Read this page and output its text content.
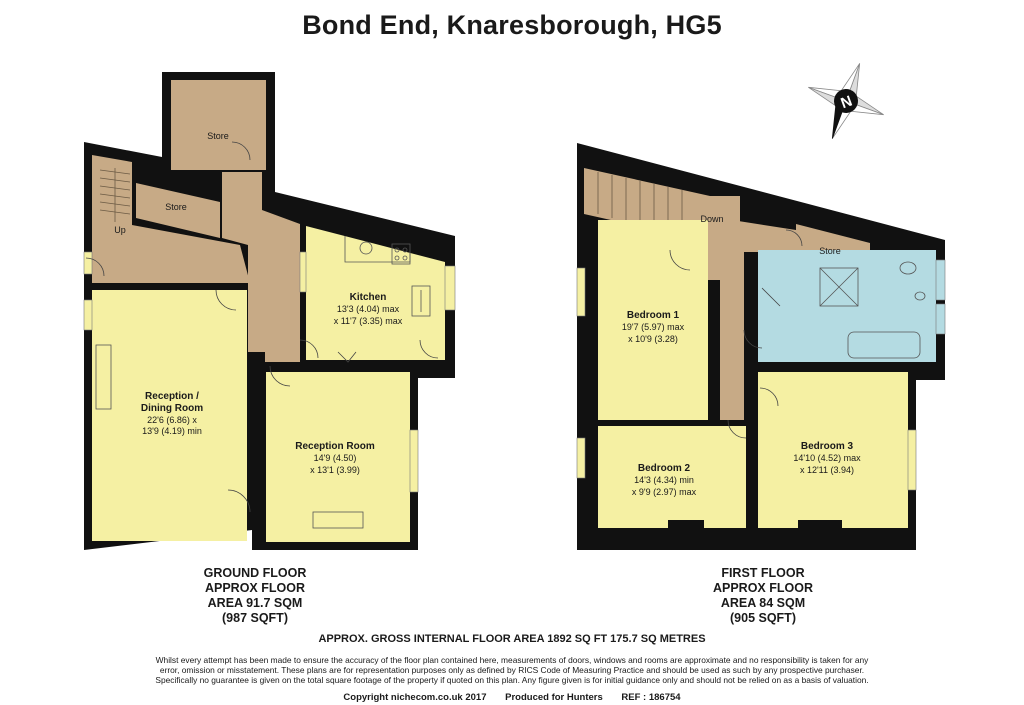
Bond End, Knaresborough, HG5
Store
Store
Up
Kitchen
13'3 (4.04) max
x 11'7 (3.35) max
Reception /
Dining Room
22'6 (6.86) x
13'9 (4.19) min
Reception Room
14'9 (4.50)
x 13'1 (3.99)
Down
Store
Bedroom 1
19'7 (5.97) max
x 10'9 (3.28)
Bedroom 2
14'3 (4.34) min
x 9'9 (2.97) max
Bedroom 3
14'10 (4.52) max
x 12'11 (3.94)
N
GROUND FLOOR
APPROX FLOOR
AREA 91.7 SQM
(987 SQFT)
FIRST FLOOR
APPROX FLOOR
AREA 84 SQM
(905 SQFT)
APPROX. GROSS INTERNAL FLOOR AREA 1892 SQ FT 175.7 SQ METRES
Whilst every attempt has been made to ensure the accuracy of the floor plan contained here, measurements of doors, windows and rooms are approximate and no responsibility is taken for any
error, omission or misstatement. These plans are for representation purposes only as defined by RICS Code of Measuring Practice and should be used as such by any prospective purchaser.
Specifically no guarantee is given on the total square footage of the property if quoted on this plan. Any figure given is for initial guidance only and should not be relied on as a basis of valuation.
Copyright nichecom.co.uk 2017 Produced for Hunters REF : 186754
